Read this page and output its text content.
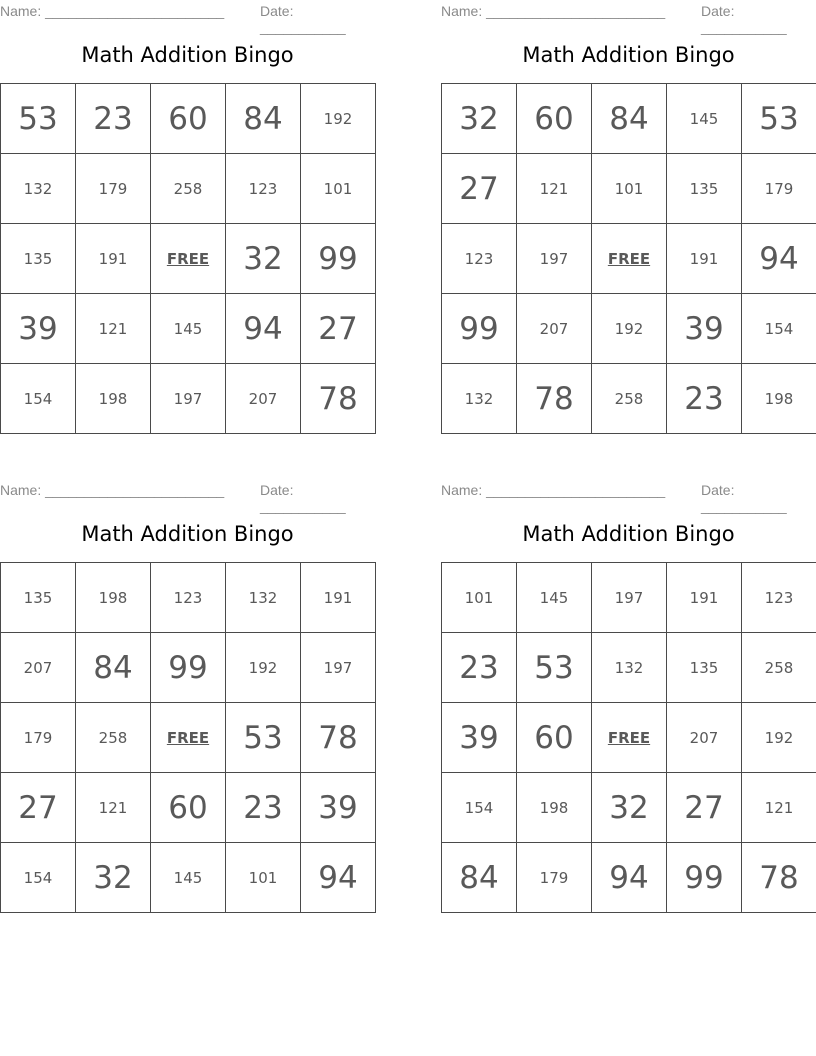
Name: _______________________	Date: ___________
Math Addition Bingo
53	23	60	84	192
132	179	258	123	101
135	191	FREE	32	99
39	121	145	94	27
154	198	197	207	78
Name: _______________________	Date: ___________
Math Addition Bingo
32	60	84	145	53
27	121	101	135	179
123	197	FREE	191	94
99	207	192	39	154
132	78	258	23	198
Name: _______________________	Date: ___________
Math Addition Bingo
135	198	123	132	191
207	84	99	192	197
179	258	FREE	53	78
27	121	60	23	39
154	32	145	101	94
Name: _______________________	Date: ___________
Math Addition Bingo
101	145	197	191	123
23	53	132	135	258
39	60	FREE	207	192
154	198	32	27	121
84	179	94	99	78
